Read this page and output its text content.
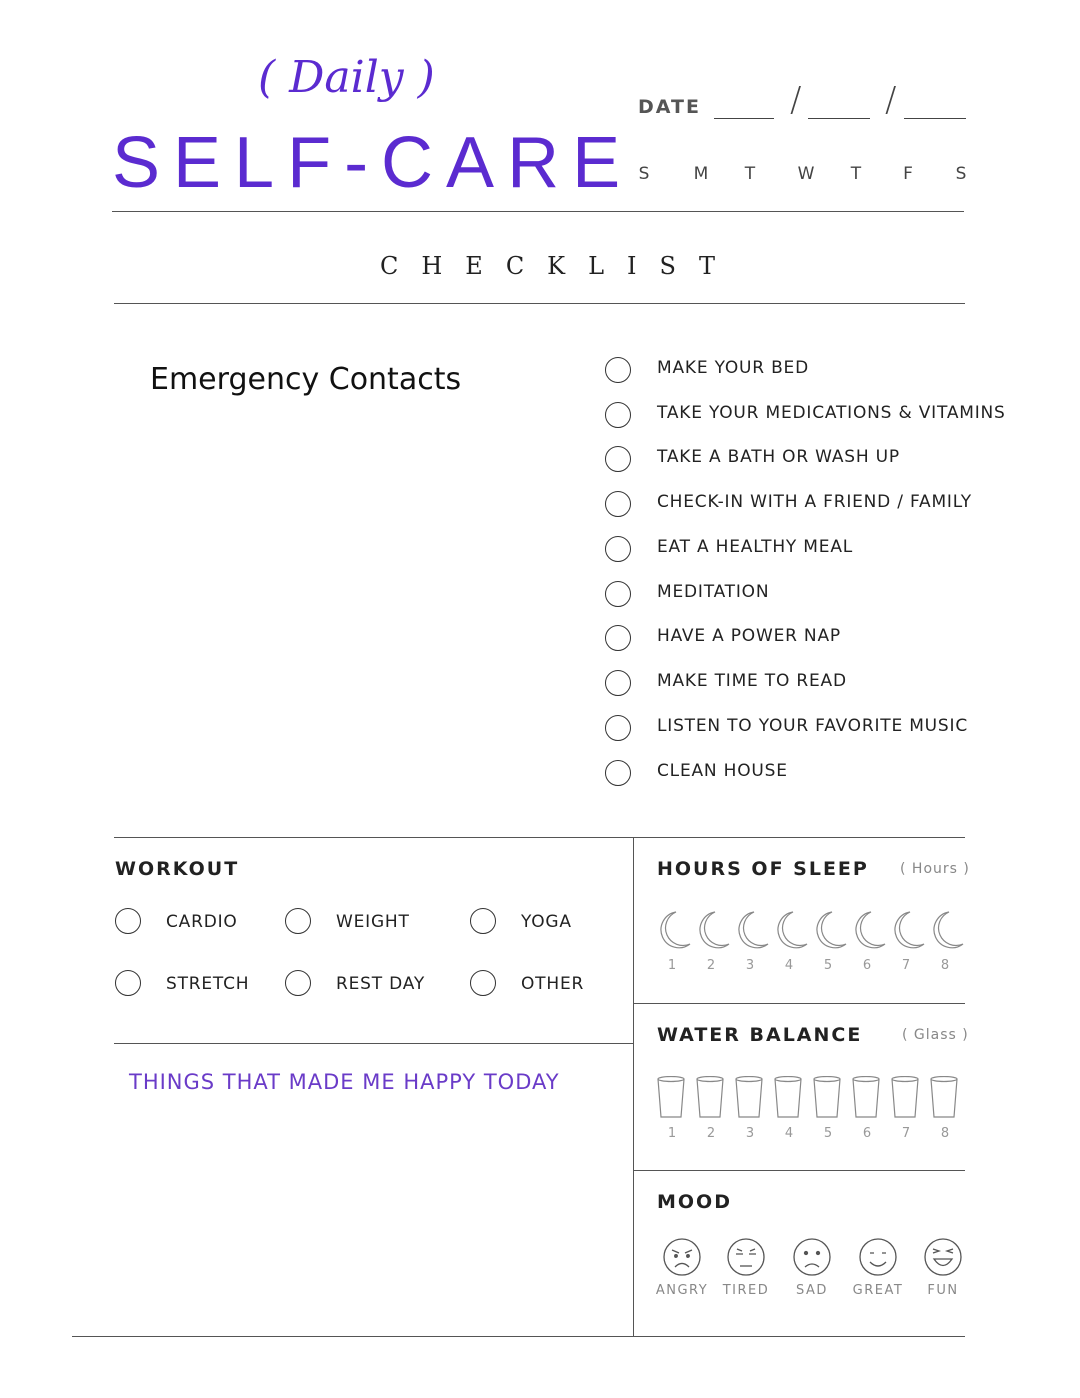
( Daily )
SELF-CARE
DATE	/ /
S	M T W T	F	S
CHECKLIST
Emergency Contacts	MAKE YOUR BED
TAKE YOUR MEDICATIONS & VITAMINS
TAKE A BATH OR WASH UP
CHECK-IN WITH A FRIEND / FAMILY
EAT A HEALTHY MEAL
MEDITATION
HAVE A POWER NAP
MAKE TIME TO READ
LISTEN TO YOUR FAVORITE MUSIC
CLEAN HOUSE
WORKOUT
CARDIO	WEIGHT	YOGA
STRETCH	REST DAY	OTHER
THINGS THAT MADE ME HAPPY TODAY
HOURS OF SLEEP ( Hours )
1	2	3	4	5	6	7	8
WATER BALANCE	( Glass )
1	2	3	4	5	6	7	8
MOOD
ANGRY	TIRED	SAD	GREAT	FUN
